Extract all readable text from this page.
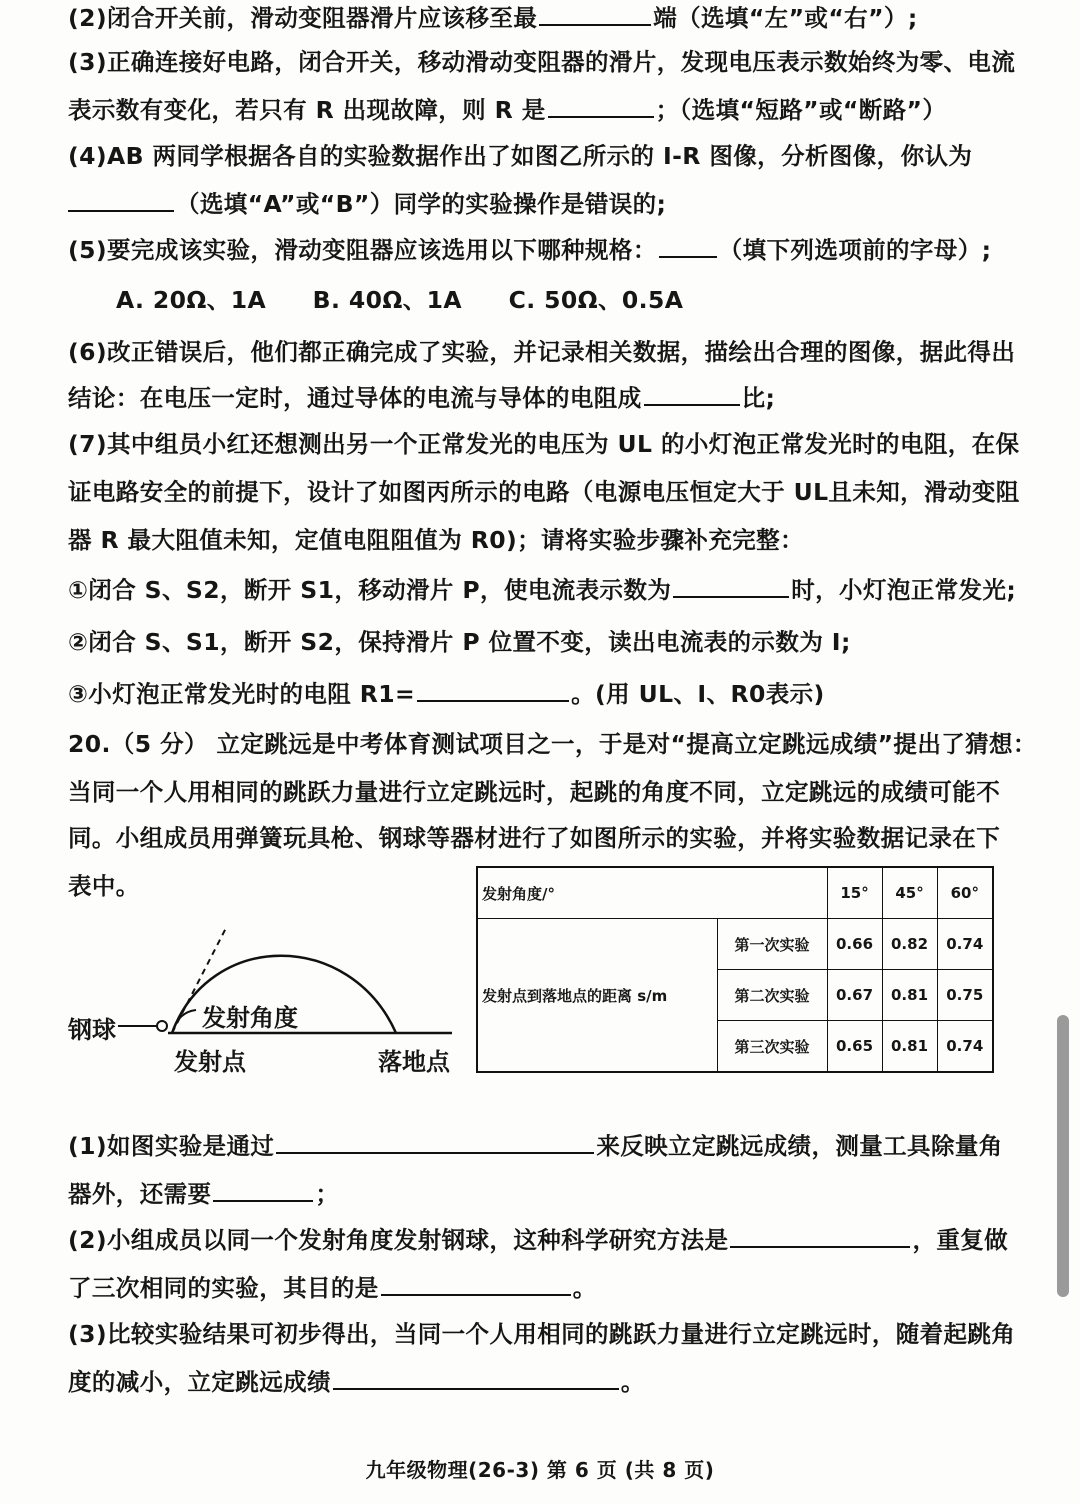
(2)闭合开关前，滑动变阻器滑片应该移至最	端（选填“左”或“右”）;
(3)正确连接好电路，闭合开关，移动滑动变阻器的滑片，发现电压表示数始终为零、电流
表示数有变化，若只有 R 出现故障，则 R 是	；（选填“短路”或“断路”）
(4)AB 两同学根据各自的实验数据作出了如图乙所示的 I-R 图像，分析图像，你认为
（选填“A”或“B”）同学的实验操作是错误的;
(5)要完成该实验，滑动变阻器应该选用以下哪种规格：	（填下列选项前的字母）;
A. 20Ω、1A B. 40Ω、1A C. 50Ω、0.5A
(6)改正错误后，他们都正确完成了实验，并记录相关数据，描绘出合理的图像，据此得出
结论：在电压一定时，通过导体的电流与导体的电阻成	比;
(7)其中组员小红还想测出另一个正常发光的电压为 UL 的小灯泡正常发光时的电阻，在保
证电路安全的前提下，设计了如图丙所示的电路（电源电压恒定大于 UL且未知，滑动变阻
器 R 最大阻值未知，定值电阻阻值为 R0)；请将实验步骤补充完整：
①闭合 S、S2，断开 S1，移动滑片 P，使电流表示数为	时，小灯泡正常发光;
②闭合 S、S1，断开 S2，保持滑片 P 位置不变，读出电流表的示数为 I;
③小灯泡正常发光时的电阻 R1=	。(用 UL、I、R0表示)
20.（5 分） 立定跳远是中考体育测试项目之一，于是对“提高立定跳远成绩”提出了猜想：
当同一个人用相同的跳跃力量进行立定跳远时，起跳的角度不同，立定跳远的成绩可能不
同。小组成员用弹簧玩具枪、钢球等器材进行了如图所示的实验，并将实验数据记录在下
表中。
钢球	发射角度
发射点	落地点
发射角度/°		15°	45°	60°
发射点到落地点的距离 s/m	第一次实验	0.66	0.82	0.74
	第二次实验	0.67	0.81	0.75
	第三次实验	0.65	0.81	0.74
(1)如图实验是通过	来反映立定跳远成绩，测量工具除量角
器外，还需要	；
(2)小组成员以同一个发射角度发射钢球，这种科学研究方法是	，重复做
了三次相同的实验，其目的是	。
(3)比较实验结果可初步得出，当同一个人用相同的跳跃力量进行立定跳远时，随着起跳角
度的减小，立定跳远成绩	。
九年级物理(26-3) 第 6 页 (共 8 页)
